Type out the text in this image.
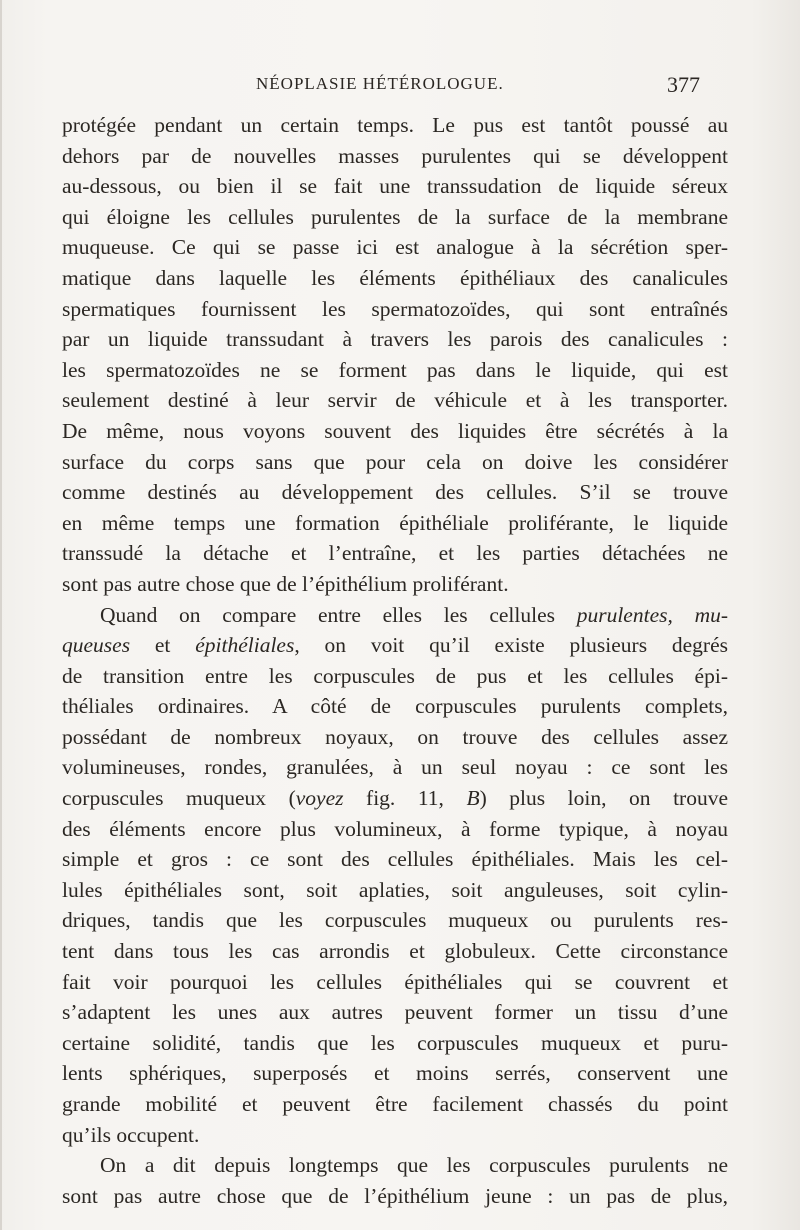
NÉOPLASIE HÉTÉROLOGUE.	377
protégée pendant un certain temps. Le pus est tantôt poussé au
dehors par de nouvelles masses purulentes qui se développent
au-dessous, ou bien il se fait une transsudation de liquide séreux
qui éloigne les cellules purulentes de la surface de la membrane
muqueuse. Ce qui se passe ici est analogue à la sécrétion sper-
matique dans laquelle les éléments épithéliaux des canalicules
spermatiques fournissent les spermatozoïdes, qui sont entraînés
par un liquide transsudant à travers les parois des canalicules :
les spermatozoïdes ne se forment pas dans le liquide, qui est
seulement destiné à leur servir de véhicule et à les transporter.
De même, nous voyons souvent des liquides être sécrétés à la
surface du corps sans que pour cela on doive les considérer
comme destinés au développement des cellules. S’il se trouve
en même temps une formation épithéliale proliférante, le liquide
transsudé la détache et l’entraîne, et les parties détachées ne
sont pas autre chose que de l’épithélium proliférant.
Quand on compare entre elles les cellules purulentes, mu-
queuses et épithéliales, on voit qu’il existe plusieurs degrés
de transition entre les corpuscules de pus et les cellules épi-
théliales ordinaires. A côté de corpuscules purulents complets,
possédant de nombreux noyaux, on trouve des cellules assez
volumineuses, rondes, granulées, à un seul noyau : ce sont les
corpuscules muqueux (voyez fig. 11, B) plus loin, on trouve
des éléments encore plus volumineux, à forme typique, à noyau
simple et gros : ce sont des cellules épithéliales. Mais les cel-
lules épithéliales sont, soit aplaties, soit anguleuses, soit cylin-
driques, tandis que les corpuscules muqueux ou purulents res-
tent dans tous les cas arrondis et globuleux. Cette circonstance
fait voir pourquoi les cellules épithéliales qui se couvrent et
s’adaptent les unes aux autres peuvent former un tissu d’une
certaine solidité, tandis que les corpuscules muqueux et puru-
lents sphériques, superposés et moins serrés, conservent une
grande mobilité et peuvent être facilement chassés du point
qu’ils occupent.
On a dit depuis longtemps que les corpuscules purulents ne
sont pas autre chose que de l’épithélium jeune : un pas de plus,
